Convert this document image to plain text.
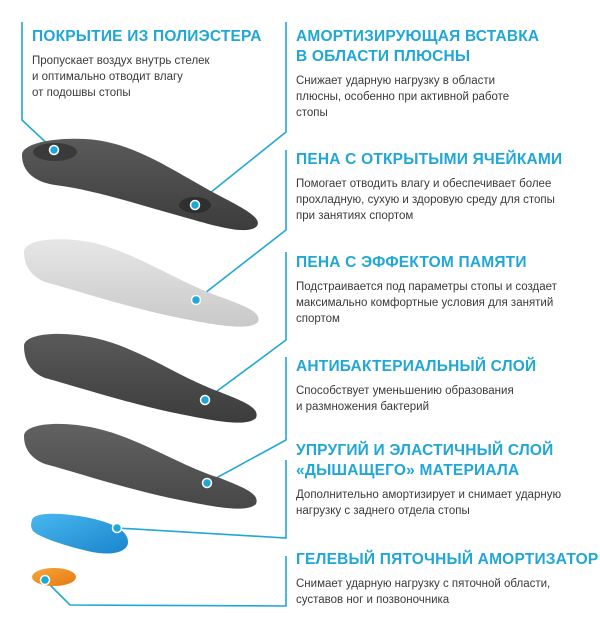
ПОКРЫТИЕ ИЗ ПОЛИЭСТЕРА
Пропускает воздух внутрь стелек
и оптимально отводит влагу
от подошвы стопы
АМОРТИЗИРУЮЩАЯ ВСТАВКА
В ОБЛАСТИ ПЛЮСНЫ
Снижает ударную нагрузку в области
плюсны, особенно при активной работе
стопы
ПЕНА С ОТКРЫТЫМИ ЯЧЕЙКАМИ
Помогает отводить влагу и обеспечивает более
прохладную, сухую и здоровую среду для стопы
при занятиях спортом
ПЕНА С ЭФФЕКТОМ ПАМЯТИ
Подстраивается под параметры стопы и создает
максимально комфортные условия для занятий
спортом
АНТИБАКТЕРИАЛЬНЫЙ СЛОЙ
Способствует уменьшению образования
и размножения бактерий
УПРУГИЙ И ЭЛАСТИЧНЫЙ СЛОЙ
«ДЫШАЩЕГО» МАТЕРИАЛА
Дополнительно амортизирует и снимает ударную
нагрузку с заднего отдела стопы
ГЕЛЕВЫЙ ПЯТОЧНЫЙ АМОРТИЗАТОР
Снимает ударную нагрузку с пяточной области,
суставов ног и позвоночника
